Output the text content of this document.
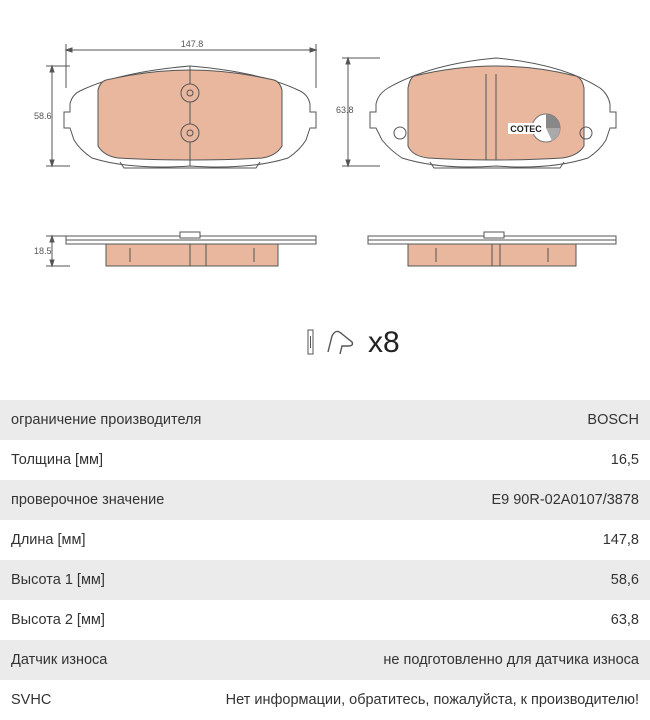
COTEC
147.8
58.6
63.8
18.5
x8
ограничение производителя	BOSCH
Толщина [мм]	16,5
проверочное значение	E9 90R-02A0107/3878
Длина [мм]	147,8
Высота 1 [мм]	58,6
Высота 2 [мм]	63,8
Датчик износа	не подготовленно для датчика износа
SVHC	Нет информации, обратитесь, пожалуйста, к производителю!
